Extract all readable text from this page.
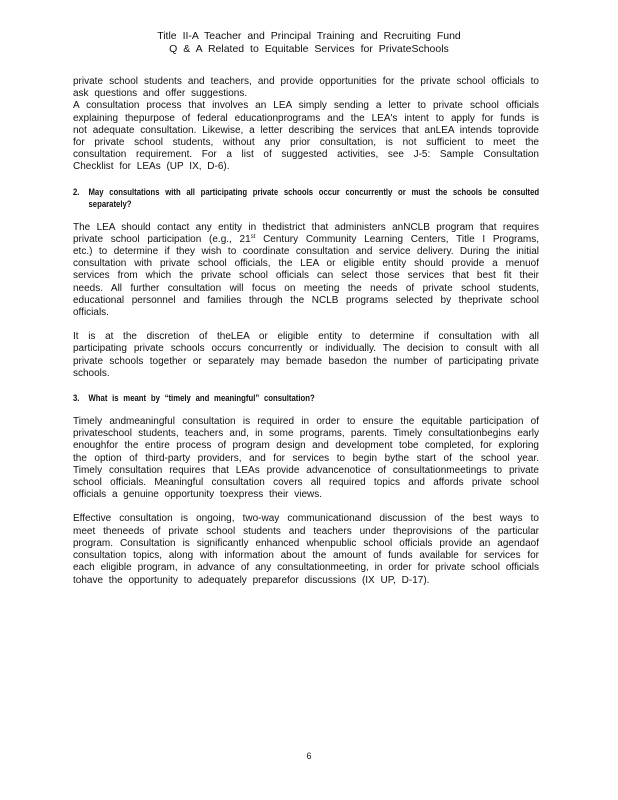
Title II-A Teacher and Principal Training and Recruiting Fund
Q & A Related to Equitable Services for PrivateSchools

private school students and teachers, and provide opportunities for the private school officials to ask questions and offer suggestions.

A consultation process that involves an LEA simply sending a letter to private school officials explaining thepurpose of federal educationprograms and the LEA's intent to apply for funds is not adequate consultation. Likewise, a letter describing the services that anLEA intends toprovide for private school students, without any prior consultation, is not sufficient to meet the consultation requirement. For a list of suggested activities, see J-5: Sample Consultation Checklist for LEAs (UP IX, D-6).

2.	May consultations with all participating private schools occur concurrently or must the schools be consulted separately?

The LEA should contact any entity in thedistrict that administers anNCLB program that requires private school participation (e.g., 21st Century Community Learning Centers, Title I Programs, etc.) to determine if they wish to coordinate consultation and service delivery. During the initial consultation with private school officials, the LEA or eligible entity should provide a menuof services from which the private school officials can select those services that best fit their needs. All further consultation will focus on meeting the needs of private school students, educational personnel and families through the NCLB programs selected by theprivate school officials.

It is at the discretion of theLEA or eligible entity to determine if consultation with all participating private schools occurs concurrently or individually. The decision to consult with all private schools together or separately may bemade basedon the number of participating private schools.

3.	What is meant by “timely and meaningful” consultation?

Timely andmeaningful consultation is required in order to ensure the equitable participation of privateschool students, teachers and, in some programs, parents. Timely consultationbegins early enoughfor the entire process of program design and development tobe completed, for exploring the option of third-party providers, and for services to begin bythe start of the school year. Timely consultation requires that LEAs provide advancenotice of consultationmeetings to private school officials. Meaningful consultation covers all required topics and affords private school officials a genuine opportunity toexpress their views.

Effective consultation is ongoing, two-way communicationand discussion of the best ways to meet theneeds of private school students and teachers under theprovisions of the particular program. Consultation is significantly enhanced whenpublic school officials provide an agendaof consultation topics, along with information about the amount of funds available for services for each eligible program, in advance of any consultationmeeting, in order for private school officials tohave the opportunity to adequately preparefor discussions (IX UP, D-17).

6
